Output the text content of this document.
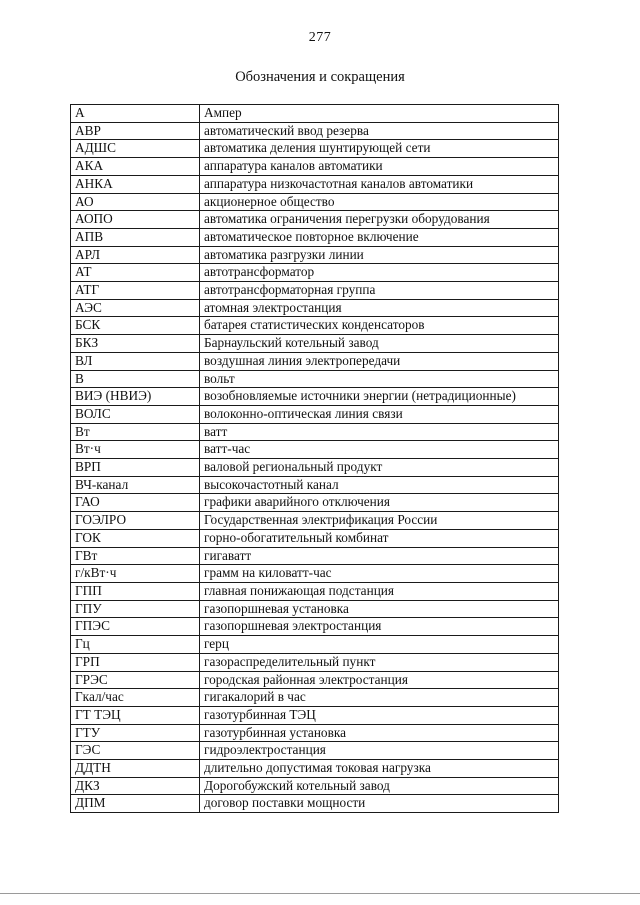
277
Обозначения и сокращения
А	Ампер
АВР	автоматический ввод резерва
АДШС	автоматика деления шунтирующей сети
АКА	аппаратура каналов автоматики
АНКА	аппаратура низкочастотная каналов автоматики
АО	акционерное общество
АОПО	автоматика ограничения перегрузки оборудования
АПВ	автоматическое повторное включение
АРЛ	автоматика разгрузки линии
АТ	автотрансформатор
АТГ	автотрансформаторная группа
АЭС	атомная электростанция
БСК	батарея статистических конденсаторов
БКЗ	Барнаульский котельный завод
ВЛ	воздушная линия электропередачи
В	вольт
ВИЭ (НВИЭ)	возобновляемые источники энергии (нетрадиционные)
ВОЛС	волоконно-оптическая линия связи
Вт	ватт
Вт·ч	ватт-час
ВРП	валовой региональный продукт
ВЧ-канал	высокочастотный канал
ГАО	графики аварийного отключения
ГОЭЛРО	Государственная электрификация России
ГОК	горно-обогатительный комбинат
ГВт	гигаватт
г/кВт·ч	грамм на киловатт-час
ГПП	главная понижающая подстанция
ГПУ	газопоршневая установка
ГПЭС	газопоршневая электростанция
Гц	герц
ГРП	газораспределительный пункт
ГРЭС	городская районная электростанция
Гкал/час	гигакалорий в час
ГТ ТЭЦ	газотурбинная ТЭЦ
ГТУ	газотурбинная установка
ГЭС	гидроэлектростанция
ДДТН	длительно допустимая токовая нагрузка
ДКЗ	Дорогобужский котельный завод
ДПМ	договор поставки мощности
